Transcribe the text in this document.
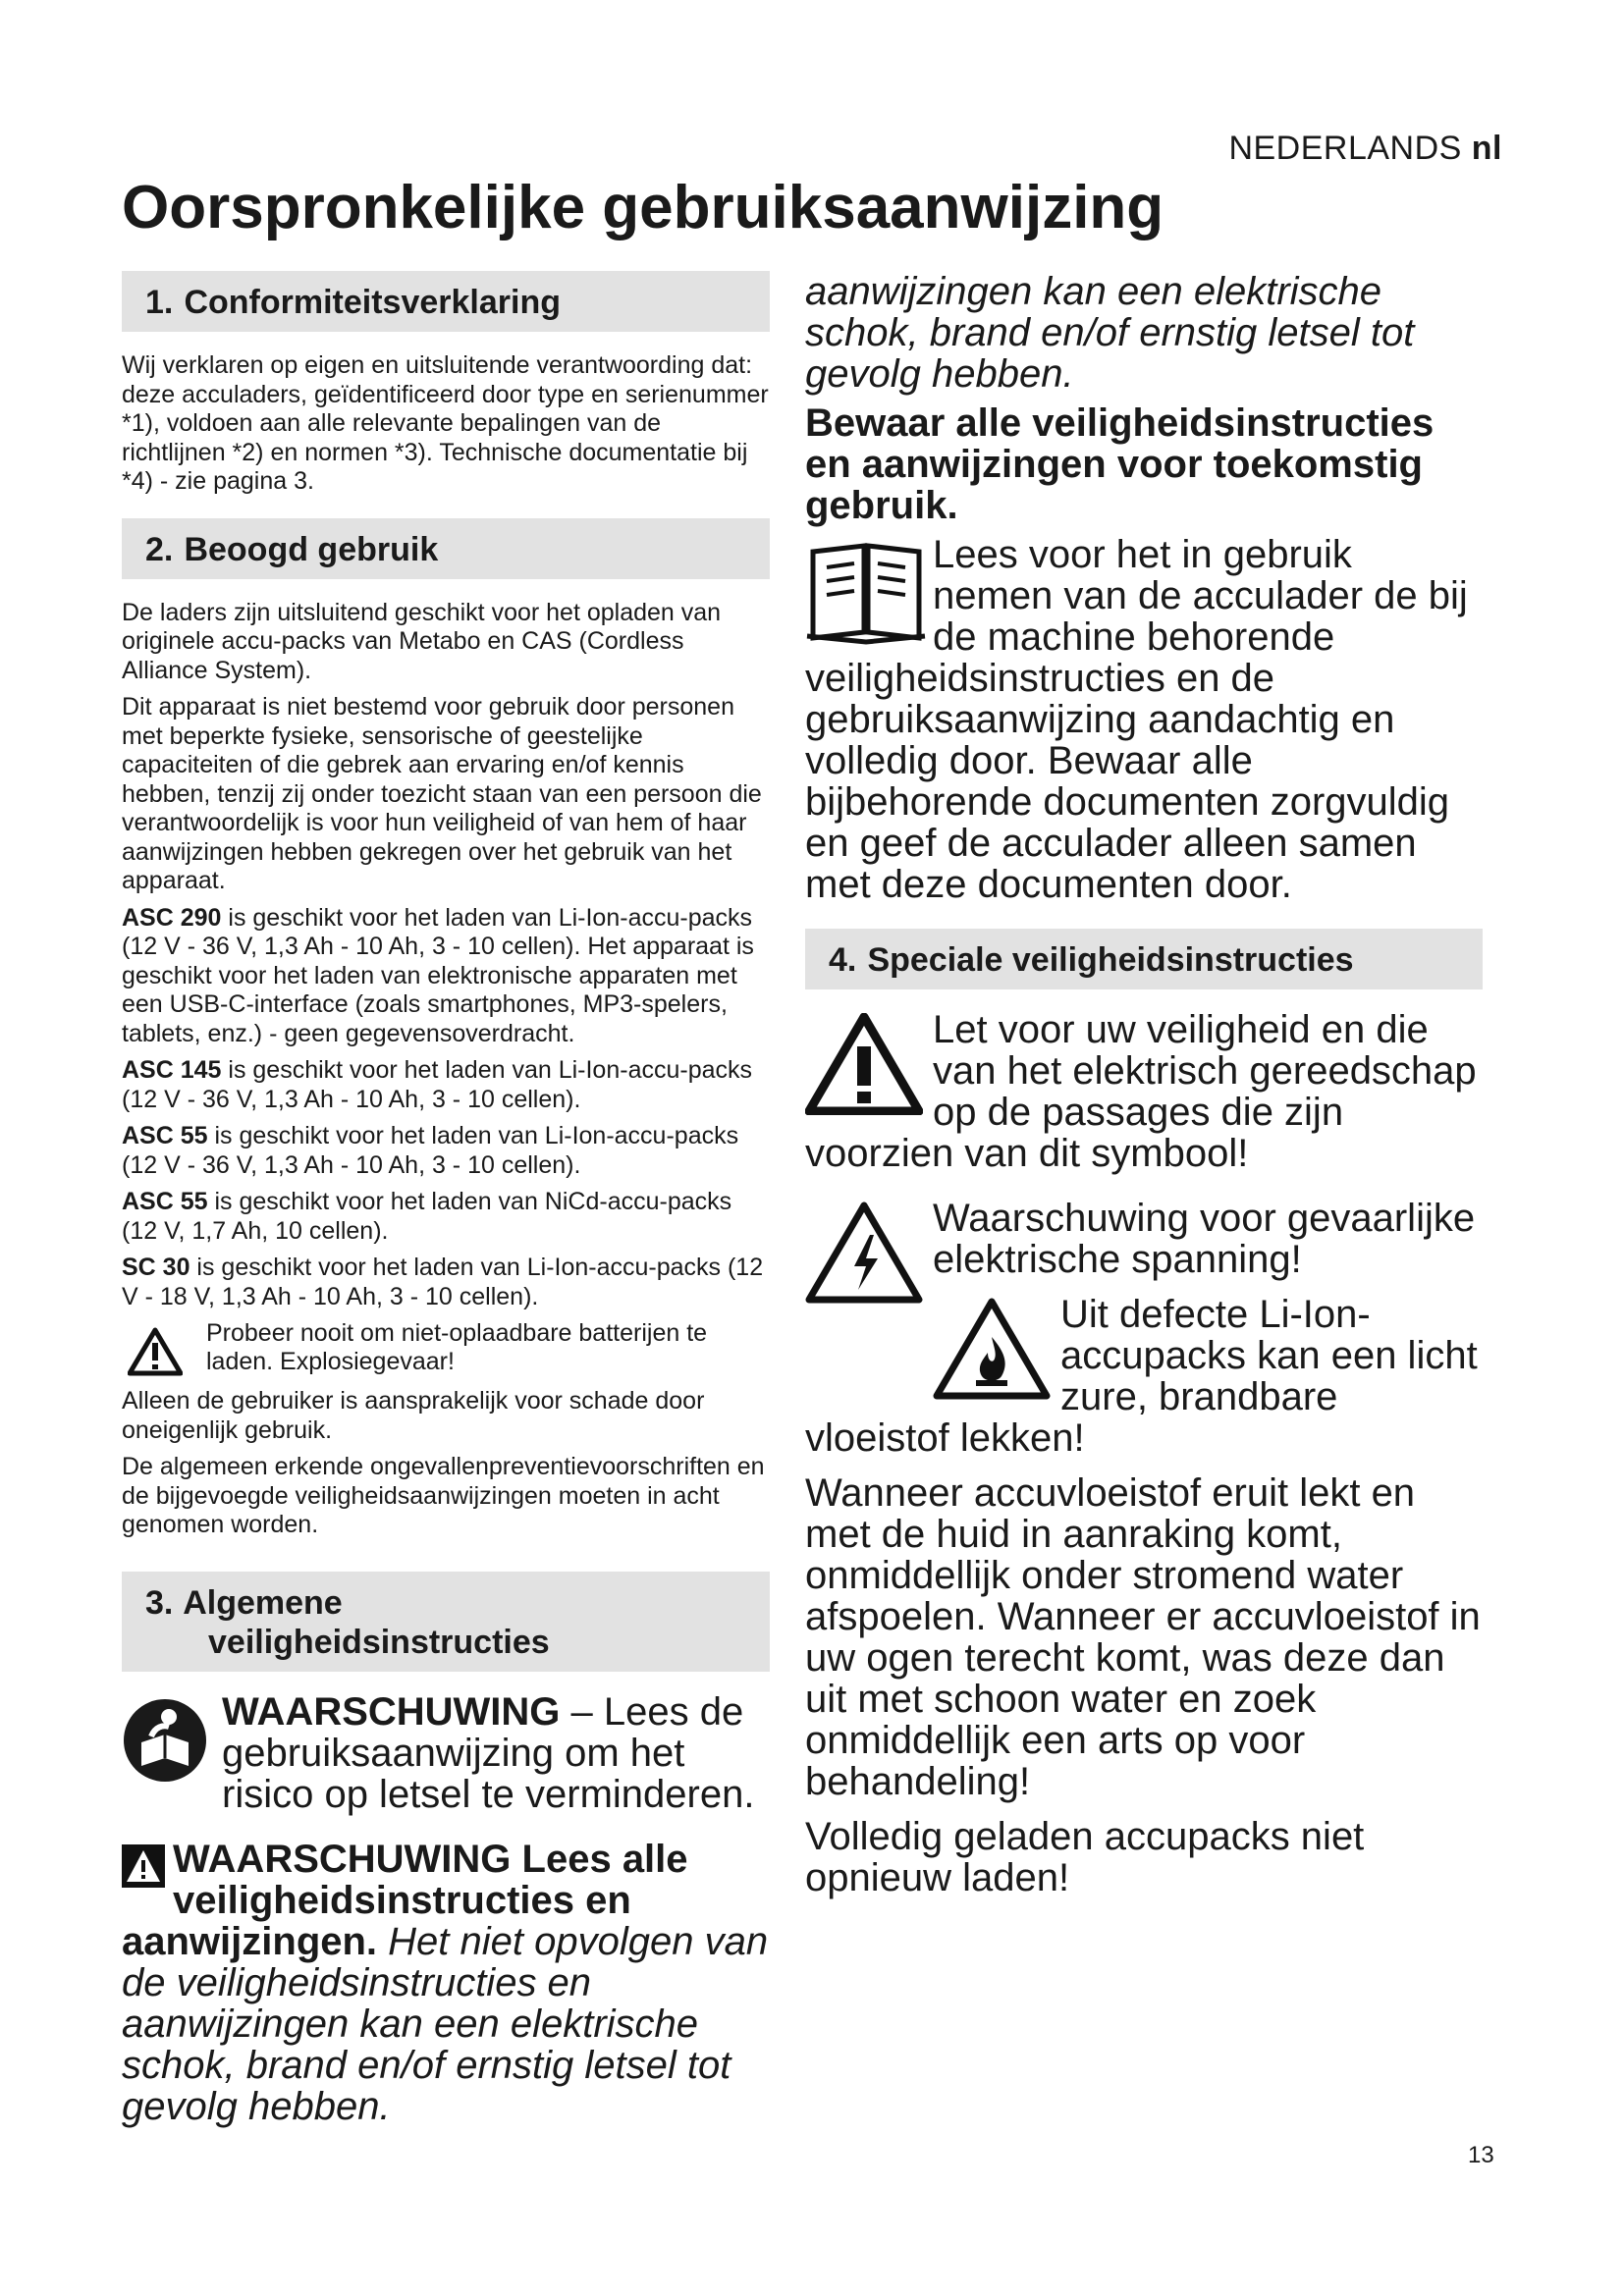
NEDERLANDS nl
Oorspronkelijke gebruiksaanwijzing
1. Conformiteitsverklaring

Wij verklaren op eigen en uitsluitende verantwoording dat: deze acculaders, geïdentificeerd door type en serienummer *1), voldoen aan alle relevante bepalingen van de richtlijnen *2) en normen *3). Technische documentatie bij *4) - zie pagina 3.

2. Beoogd gebruik

De laders zijn uitsluitend geschikt voor het opladen van originele accu-packs van Metabo en CAS (Cordless Alliance System).

Dit apparaat is niet bestemd voor gebruik door personen met beperkte fysieke, sensorische of geestelijke capaciteiten of die gebrek aan ervaring en/of kennis hebben, tenzij zij onder toezicht staan van een persoon die verantwoordelijk is voor hun veiligheid of van hem of haar aanwijzingen hebben gekregen over het gebruik van het apparaat.

ASC 290 is geschikt voor het laden van Li-Ion-accu-packs (12 V - 36 V, 1,3 Ah - 10 Ah, 3 - 10 cellen). Het apparaat is geschikt voor het laden van elektronische apparaten met een USB-C-interface (zoals smartphones, MP3-spelers, tablets, enz.) - geen gegevensoverdracht.

ASC 145 is geschikt voor het laden van Li-Ion-accu-packs (12 V - 36 V, 1,3 Ah - 10 Ah, 3 - 10 cellen).

ASC 55 is geschikt voor het laden van Li-Ion-accu-packs (12 V - 36 V, 1,3 Ah - 10 Ah, 3 - 10 cellen).

ASC 55 is geschikt voor het laden van NiCd-accu-packs (12 V, 1,7 Ah, 10 cellen).

SC 30 is geschikt voor het laden van Li-Ion-accu-packs (12 V - 18 V, 1,3 Ah - 10 Ah, 3 - 10 cellen).

Probeer nooit om niet-oplaadbare batterijen te laden. Explosiegevaar!

Alleen de gebruiker is aansprakelijk voor schade door oneigenlijk gebruik.

De algemeen erkende ongevallenpreventievoorschriften en de bijgevoegde veiligheidsaanwijzingen moeten in acht genomen worden.

3. Algemene
veiligheidsinstructies

WAARSCHUWING – Lees de gebruiksaanwijzing om het risico op letsel te verminderen.

WAARSCHUWING Lees alle veiligheidsinstructies en aanwijzingen. Het niet opvolgen van de veiligheidsinstructies en aanwijzingen kan een elektrische schok, brand en/of ernstig letsel tot gevolg hebben.

aanwijzingen kan een elektrische schok, brand en/of ernstig letsel tot gevolg hebben.

Bewaar alle veiligheidsinstructies en aanwijzingen voor toekomstig gebruik.

Lees voor het in gebruik nemen van de acculader de bij de machine behorende veiligheidsinstructies en de gebruiksaanwijzing aandachtig en volledig door. Bewaar alle bijbehorende documenten zorgvuldig en geef de acculader alleen samen met deze documenten door.

4. Speciale veiligheidsinstructies

Let voor uw veiligheid en die van het elektrisch gereedschap op de passages die zijn voorzien van dit symbool!

Waarschuwing voor gevaarlijke elektrische spanning!

Uit defecte Li-Ion-accupacks kan een licht zure, brandbare vloeistof lekken!

Wanneer accuvloeistof eruit lekt en met de huid in aanraking komt, onmiddellijk onder stromend water afspoelen. Wanneer er accuvloeistof in uw ogen terecht komt, was deze dan uit met schoon water en zoek onmiddellijk een arts op voor behandeling!

Volledig geladen accupacks niet opnieuw laden!

13
